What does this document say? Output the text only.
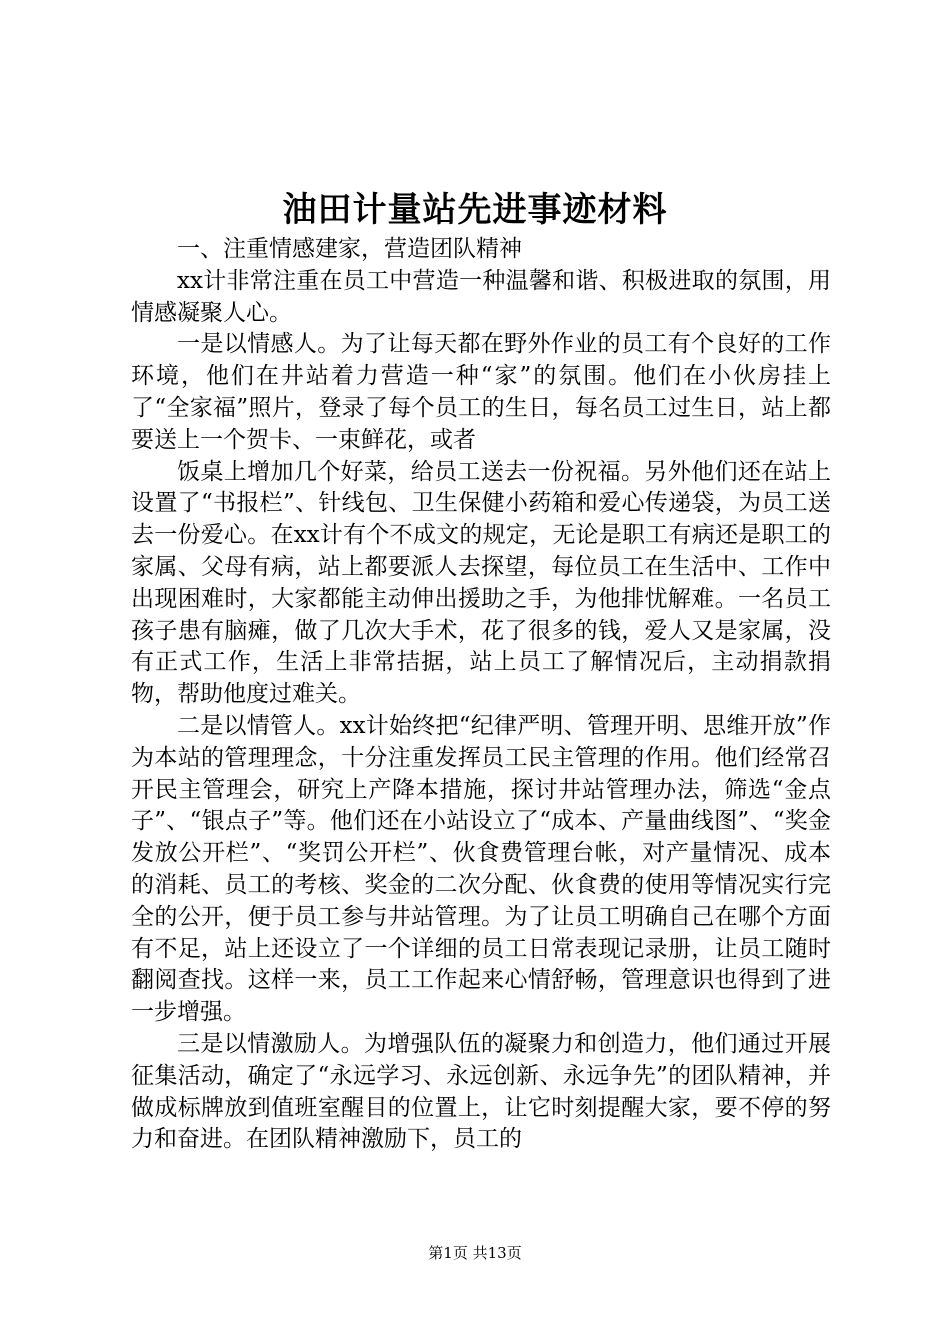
油田计量站先进事迹材料

一、注重情感建家，营造团队精神

xx计非常注重在员工中营造一种温馨和谐、积极进取的氛围，用情感凝聚人心。

一是以情感人。为了让每天都在野外作业的员工有个良好的工作环境，他们在井站着力营造一种“家”的氛围。他们在小伙房挂上了“全家福”照片，登录了每个员工的生日，每名员工过生日，站上都要送上一个贺卡、一束鲜花，或者

饭桌上增加几个好菜，给员工送去一份祝福。另外他们还在站上设置了“书报栏”、针线包、卫生保健小药箱和爱心传递袋，为员工送去一份爱心。在xx计有个不成文的规定，无论是职工有病还是职工的家属、父母有病，站上都要派人去探望，每位员工在生活中、工作中出现困难时，大家都能主动伸出援助之手，为他排忧解难。一名员工孩子患有脑瘫，做了几次大手术，花了很多的钱，爱人又是家属，没有正式工作，生活上非常拮据，站上员工了解情况后，主动捐款捐物，帮助他度过难关。

二是以情管人。xx计始终把“纪律严明、管理开明、思维开放”作为本站的管理理念，十分注重发挥员工民主管理的作用。他们经常召开民主管理会，研究上产降本措施，探讨井站管理办法，筛选“金点子”、“银点子”等。他们还在小站设立了“成本、产量曲线图”、“奖金发放公开栏”、“奖罚公开栏”、伙食费管理台帐，对产量情况、成本的消耗、员工的考核、奖金的二次分配、伙食费的使用等情况实行完全的公开，便于员工参与井站管理。为了让员工明确自己在哪个方面有不足，站上还设立了一个详细的员工日常表现记录册，让员工随时翻阅查找。这样一来，员工工作起来心情舒畅，管理意识也得到了进一步增强。

三是以情激励人。为增强队伍的凝聚力和创造力，他们通过开展征集活动，确定了“永远学习、永远创新、永远争先”的团队精神，并做成标牌放到值班室醒目的位置上，让它时刻提醒大家，要不停的努力和奋进。在团队精神激励下，员工的

第1页 共13页
